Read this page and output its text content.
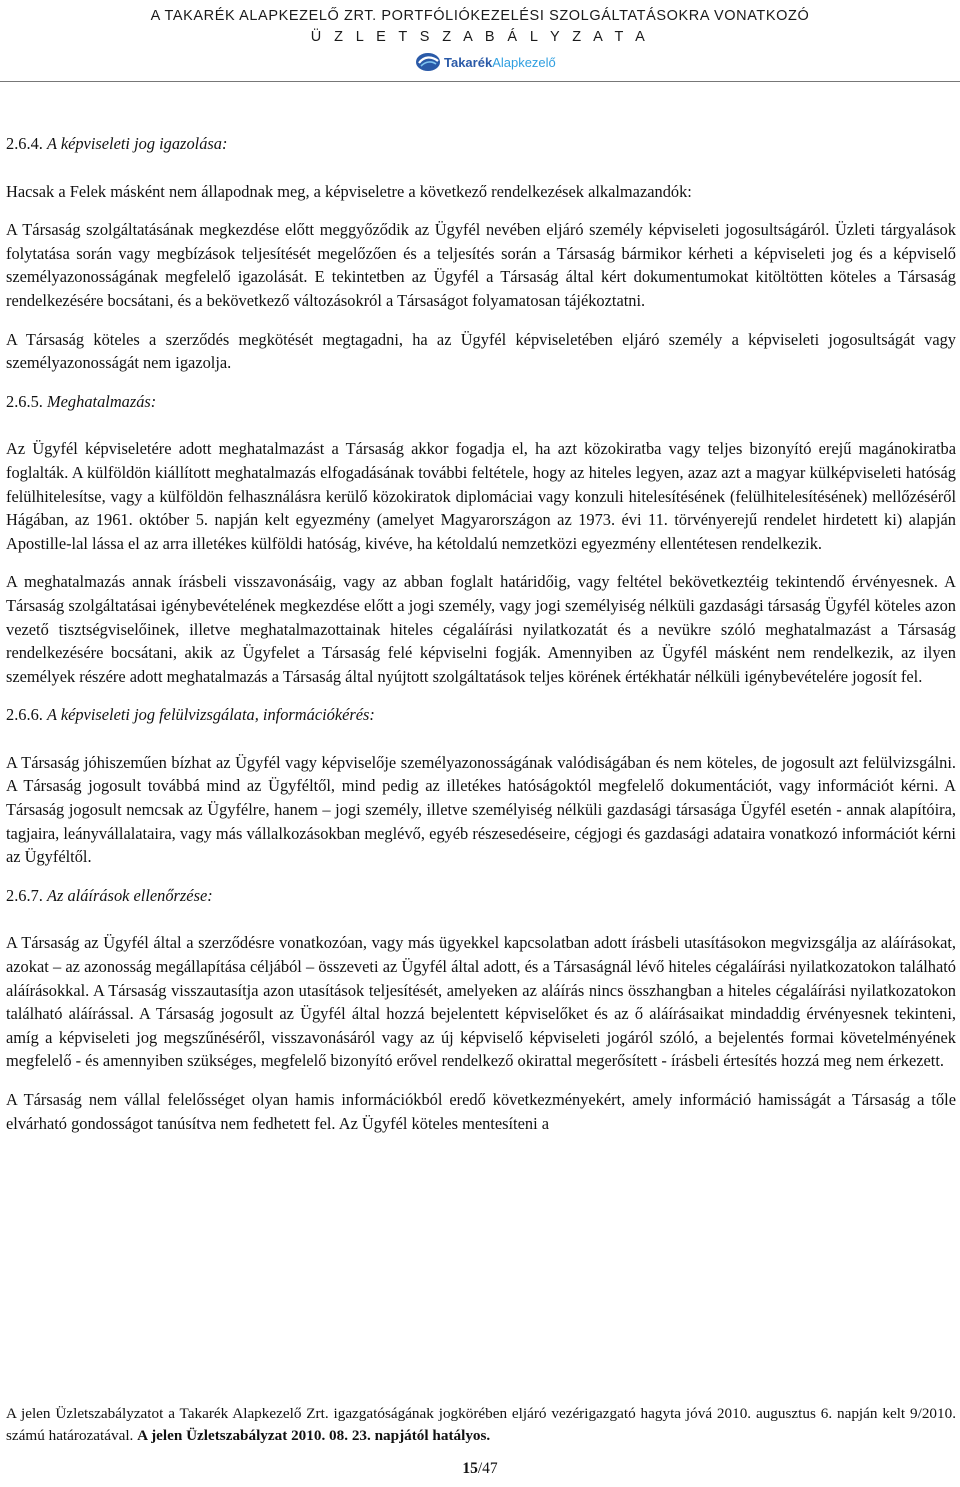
A TAKARÉK ALAPKEZELŐ ZRT. PORTFÓLIÓKEZELÉSI SZOLGÁLTATÁSOKRA VONATKOZÓ
Ü Z L E T S Z A B Á L Y Z A T A
TakarékAlapkezelő
2.6.4. A képviseleti jog igazolása:

Hacsak a Felek másként nem állapodnak meg, a képviseletre a következő rendelkezések alkalmazandók:

A Társaság szolgáltatásának megkezdése előtt meggyőződik az Ügyfél nevében eljáró személy képviseleti jogosultságáról. Üzleti tárgyalások folytatása során vagy megbízások teljesítését megelőzően és a teljesítés során a Társaság bármikor kérheti a képviseleti jog és a képviselő személyazonosságának megfelelő igazolását. E tekintetben az Ügyfél a Társaság által kért dokumentumokat kitöltötten köteles a Társaság rendelkezésére bocsátani, és a bekövetkező változásokról a Társaságot folyamatosan tájékoztatni.

A Társaság köteles a szerződés megkötését megtagadni, ha az Ügyfél képviseletében eljáró személy a képviseleti jogosultságát vagy személyazonosságát nem igazolja.

2.6.5. Meghatalmazás:

Az Ügyfél képviseletére adott meghatalmazást a Társaság akkor fogadja el, ha azt közokiratba vagy teljes bizonyító erejű magánokiratba foglalták. A külföldön kiállított meghatalmazás elfogadásának további feltétele, hogy az hiteles legyen, azaz azt a magyar külképviseleti hatóság felülhitelesítse, vagy a külföldön felhasználásra kerülő közokiratok diplomáciai vagy konzuli hitelesítésének (felülhitelesítésének) mellőzéséről Hágában, az 1961. október 5. napján kelt egyezmény (amelyet Magyarországon az 1973. évi 11. törvényerejű rendelet hirdetett ki) alapján Apostille-lal lássa el az arra illetékes külföldi hatóság, kivéve, ha kétoldalú nemzetközi egyezmény ellentétesen rendelkezik.

A meghatalmazás annak írásbeli visszavonásáig, vagy az abban foglalt határidőig, vagy feltétel bekövetkeztéig tekintendő érvényesnek. A Társaság szolgáltatásai igénybevételének megkezdése előtt a jogi személy, vagy jogi személyiség nélküli gazdasági társaság Ügyfél köteles azon vezető tisztségviselőinek, illetve meghatalmazottainak hiteles cégaláírási nyilatkozatát és a nevükre szóló meghatalmazást a Társaság rendelkezésére bocsátani, akik az Ügyfelet a Társaság felé képviselni fogják. Amennyiben az Ügyfél másként nem rendelkezik, az ilyen személyek részére adott meghatalmazás a Társaság által nyújtott szolgáltatások teljes körének értékhatár nélküli igénybevételére jogosít fel.

2.6.6. A képviseleti jog felülvizsgálata, információkérés:

A Társaság jóhiszeműen bízhat az Ügyfél vagy képviselője személyazonosságának valódiságában és nem köteles, de jogosult azt felülvizsgálni. A Társaság jogosult továbbá mind az Ügyféltől, mind pedig az illetékes hatóságoktól megfelelő dokumentációt, vagy információt kérni. A Társaság jogosult nemcsak az Ügyfélre, hanem – jogi személy, illetve személyiség nélküli gazdasági társasága Ügyfél esetén - annak alapítóira, tagjaira, leányvállalataira, vagy más vállalkozásokban meglévő, egyéb részesedéseire, cégjogi és gazdasági adataira vonatkozó információt kérni az Ügyféltől.

2.6.7. Az aláírások ellenőrzése:

A Társaság az Ügyfél által a szerződésre vonatkozóan, vagy más ügyekkel kapcsolatban adott írásbeli utasításokon megvizsgálja az aláírásokat, azokat – az azonosság megállapítása céljából – összeveti az Ügyfél által adott, és a Társaságnál lévő hiteles cégaláírási nyilatkozatokon található aláírásokkal. A Társaság visszautasítja azon utasítások teljesítését, amelyeken az aláírás nincs összhangban a hiteles cégaláírási nyilatkozatokon található aláírással. A Társaság jogosult az Ügyfél által hozzá bejelentett képviselőket és az ő aláírásaikat mindaddig érvényesnek tekinteni, amíg a képviseleti jog megszűnéséről, visszavonásáról vagy az új képviselő képviseleti jogáról szóló, a bejelentés formai követelményének megfelelő - és amennyiben szükséges, megfelelő bizonyító erővel rendelkező okirattal megerősített - írásbeli értesítés hozzá meg nem érkezett.

A Társaság nem vállal felelősséget olyan hamis információkból eredő következményekért, amely információ hamisságát a Társaság a tőle elvárható gondosságot tanúsítva nem fedhetett fel. Az Ügyfél köteles mentesíteni a

A jelen Üzletszabályzatot a Takarék Alapkezelő Zrt. igazgatóságának jogkörében eljáró vezérigazgató hagyta jóvá 2010. augusztus 6. napján kelt 9/2010. számú határozatával. A jelen Üzletszabályzat 2010. 08. 23. napjától hatályos.
15/47
